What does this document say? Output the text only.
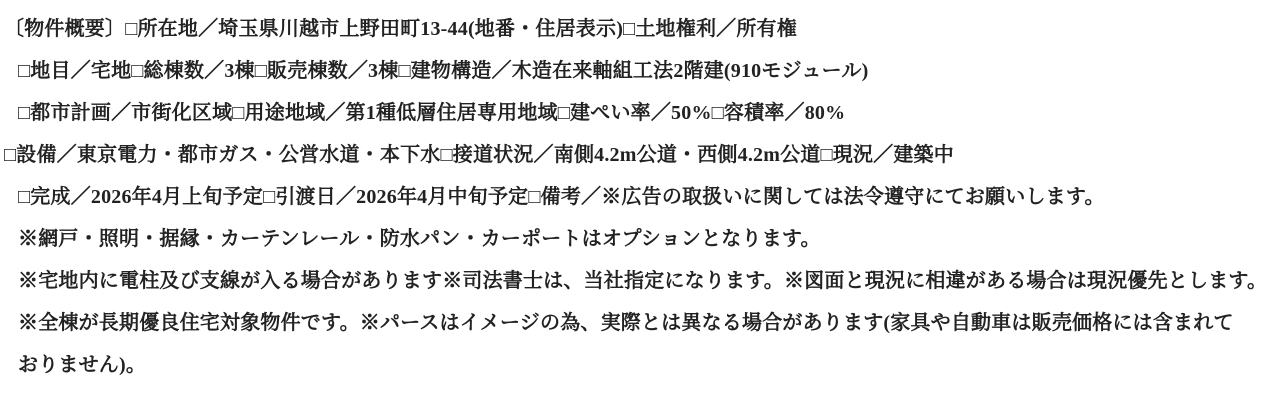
〔物件概要〕□所在地／埼玉県川越市上野田町13-44(地番・住居表示)□土地権利／所有権
□地目／宅地□総棟数／3棟□販売棟数／3棟□建物構造／木造在来軸組工法2階建(910モジュール)
□都市計画／市街化区域□用途地域／第1種低層住居専用地域□建ぺい率／50%□容積率／80%
□設備／東京電力・都市ガス・公営水道・本下水□接道状況／南側4.2m公道・西側4.2m公道□現況／建築中
□完成／2026年4月上旬予定□引渡日／2026年4月中旬予定□備考／※広告の取扱いに関しては法令遵守にてお願いします。
※網戸・照明・据縁・カーテンレール・防水パン・カーポートはオプションとなります。
※宅地内に電柱及び支線が入る場合があります※司法書士は、当社指定になります。※図面と現況に相違がある場合は現況優先とします。
※全棟が長期優良住宅対象物件です。※パースはイメージの為、実際とは異なる場合があります(家具や自動車は販売価格には含まれて
おりません)。
